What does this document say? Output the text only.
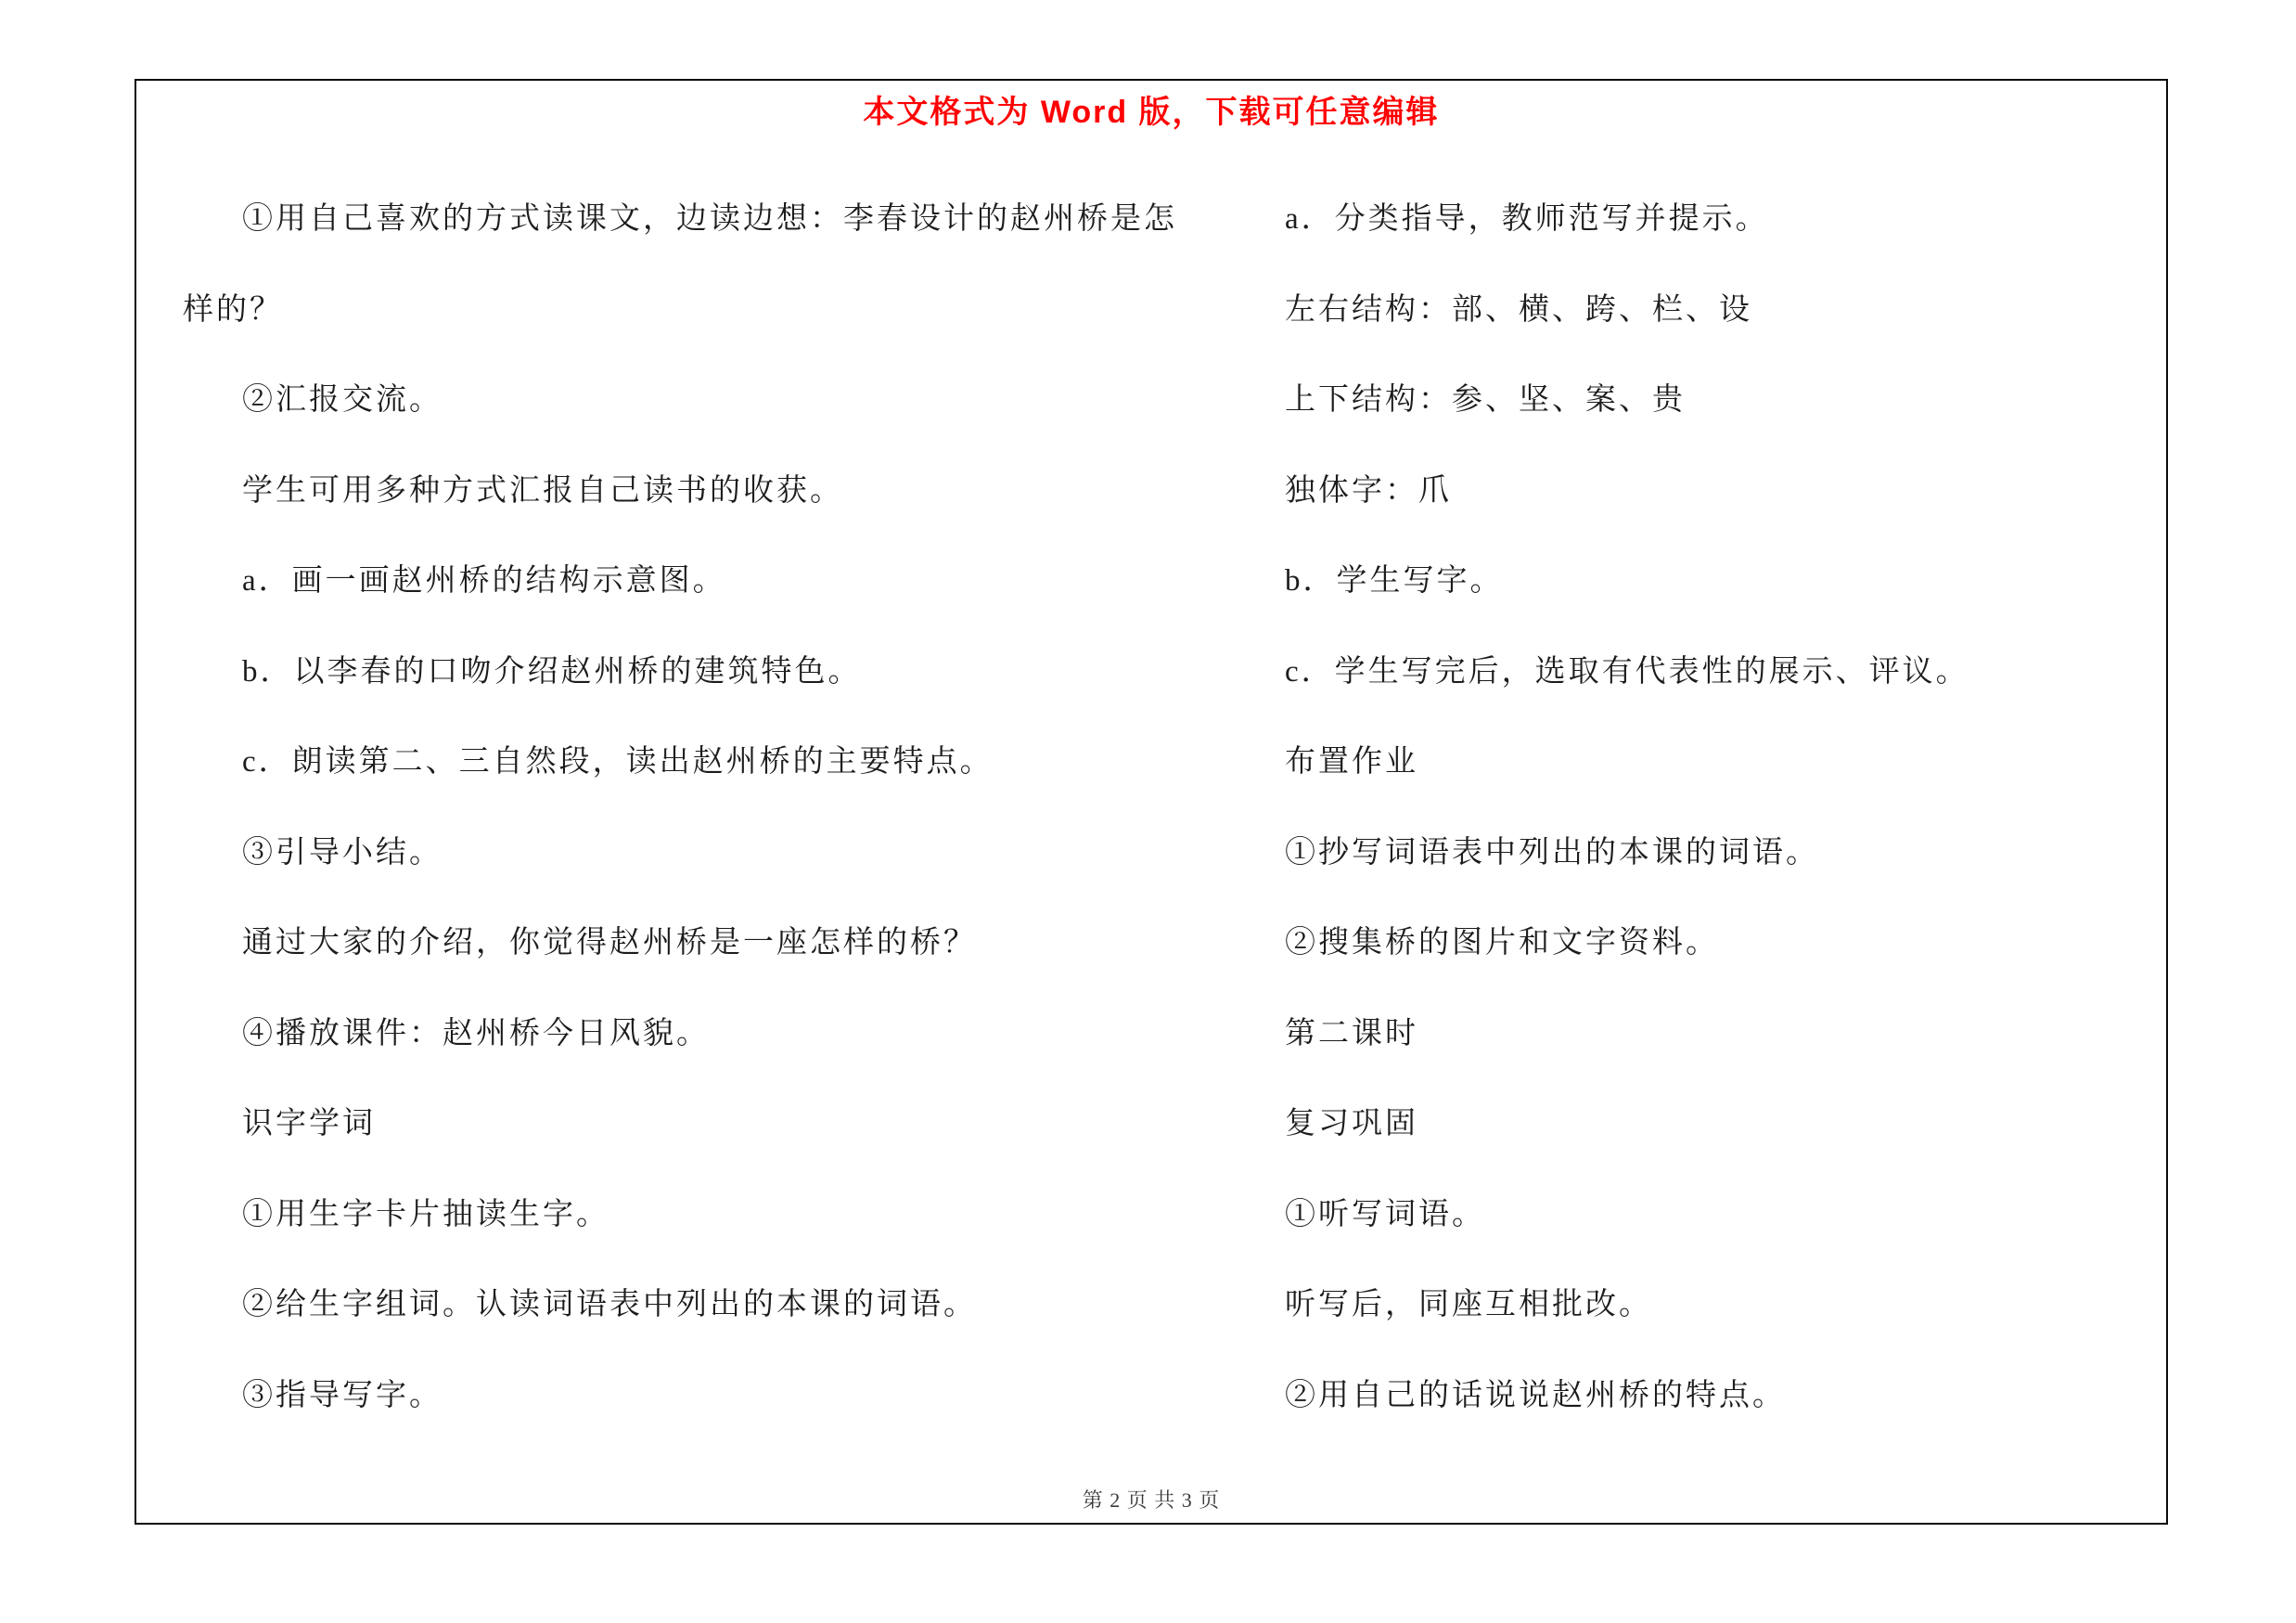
本文格式为 Word 版，下载可任意编辑

①用自己喜欢的方式读课文，边读边想：李春设计的赵州桥是怎

样的？

②汇报交流。

学生可用多种方式汇报自己读书的收获。

a．画一画赵州桥的结构示意图。

b．以李春的口吻介绍赵州桥的建筑特色。

c．朗读第二、三自然段，读出赵州桥的主要特点。

③引导小结。

通过大家的介绍，你觉得赵州桥是一座怎样的桥？

④播放课件：赵州桥今日风貌。

识字学词

①用生字卡片抽读生字。

②给生字组词。认读词语表中列出的本课的词语。

③指导写字。

a．分类指导，教师范写并提示。

左右结构：部、横、跨、栏、设

上下结构：参、坚、案、贵

独体字：爪

b．学生写字。

c．学生写完后，选取有代表性的展示、评议。

布置作业

①抄写词语表中列出的本课的词语。

②搜集桥的图片和文字资料。

第二课时

复习巩固

①听写词语。

听写后，同座互相批改。

②用自己的话说说赵州桥的特点。

第 2 页 共 3 页
